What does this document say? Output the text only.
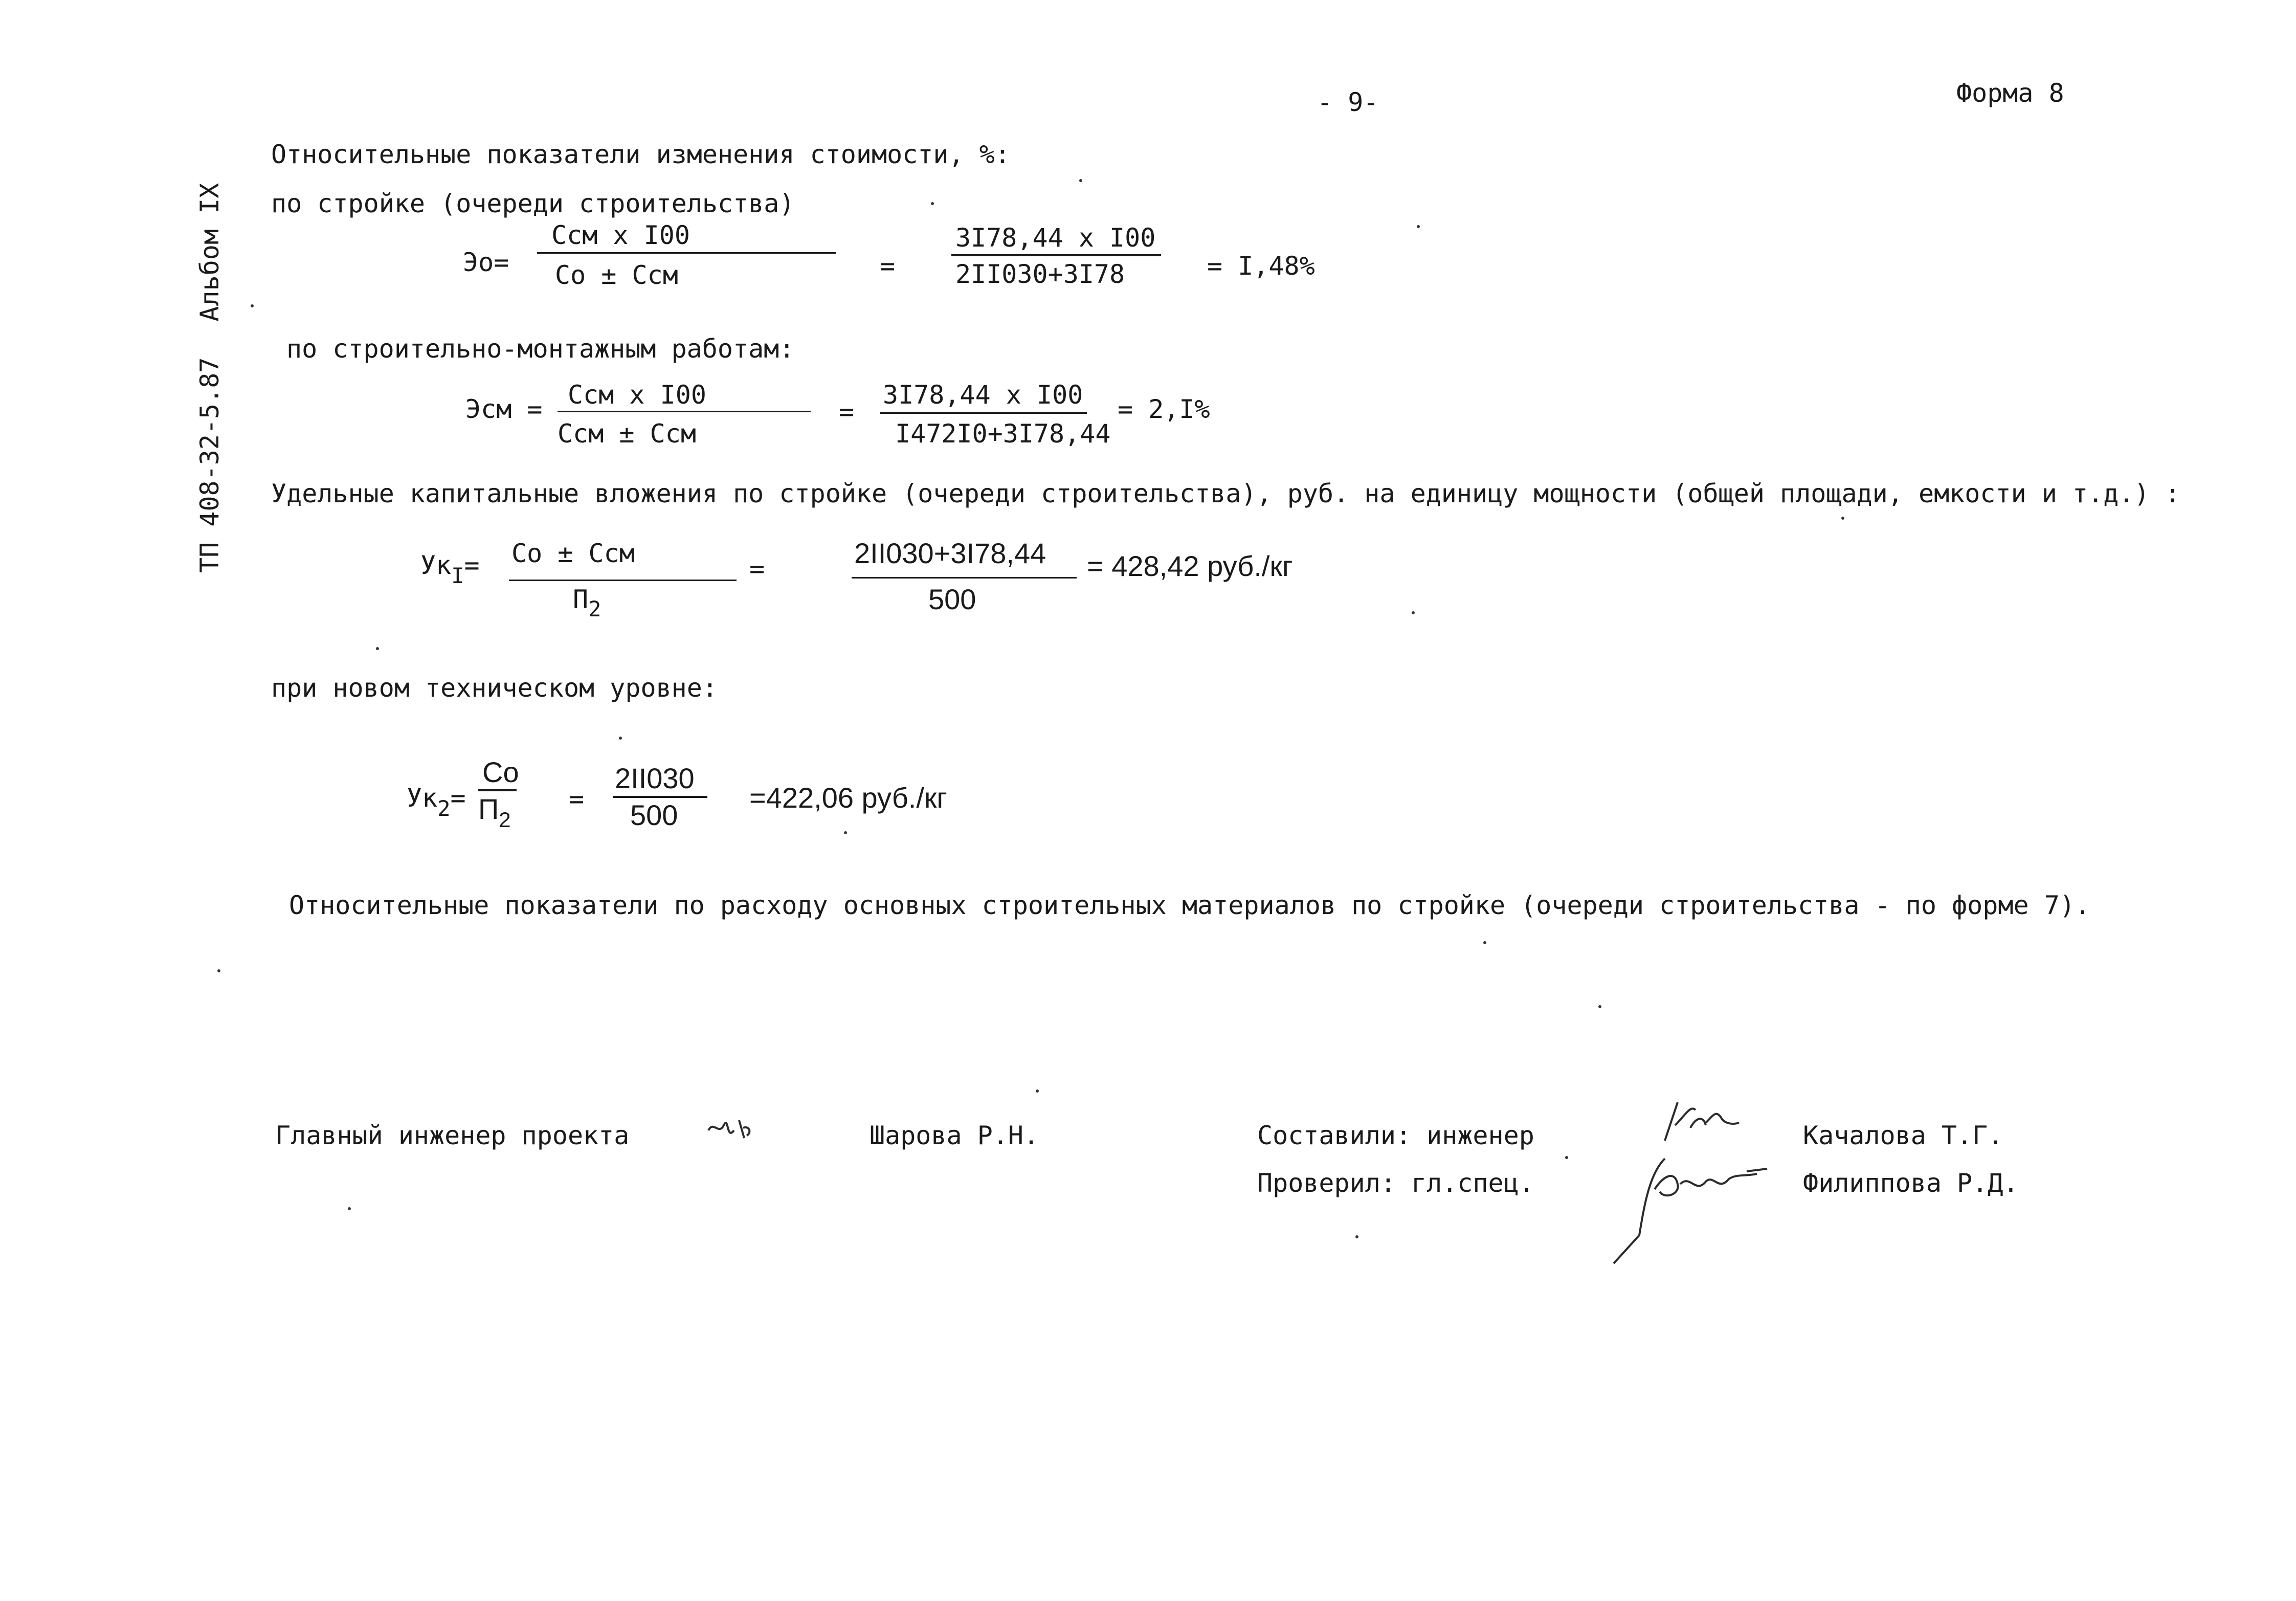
- 9-	Форма 8
ТП 408-32-5.87Альбом IX
Относительные показатели изменения стоимости, %:
по стройке (очереди строительства)
Эо=
Ссм х I00
Со ± Ссм	=
3I78,44 х I00
2II030+3I78	= I,48%
по строительно-монтажным работам:
Эсм = Ссм х I00
Ссм ± Ссм
=
3I78,44 х I00
I472I0+3I78,44
= 2,I%
Удельные капитальные вложения по стройке (очереди строительства), руб. на единицу мощности (общей площади, емкости и т.д.) :
$Ук_I=$ Со ± Ссм
$П_2$
=	2II030+3I78,44
500
= 428,42 руб./кг
при новом техническом уровне:
$Ук_2=$
Со
$П_2$
=
2II030
500
=422,06 руб./кг
Относительные показатели по расходу основных строительных материалов по стройке (очереди строительства - по форме 7).
Главный инженер проекта	Шарова Р.Н.	Составили: инженер	Качалова Т.Г.
Проверил: гл.спец.	Филиппова Р.Д.
